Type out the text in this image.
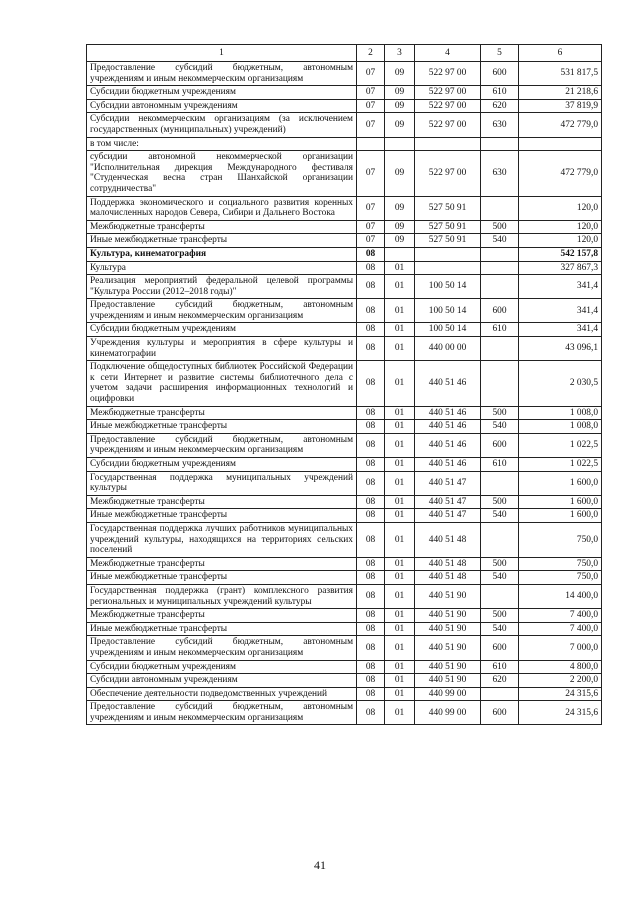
1	2	3	4	5	6
Предоставление субсидий бюджетным, автономным учреждениям и иным некоммерческим организациям	07	09	522 97 00	600	531 817,5
Субсидии бюджетным учреждениям	07	09	522 97 00	610	21 218,6
Субсидии автономным учреждениям	07	09	522 97 00	620	37 819,9
Субсидии некоммерческим организациям (за исключением государственных (муниципальных) учреждений)	07	09	522 97 00	630	472 779,0
в том числе:					
субсидии автономной некоммерческой организации "Исполнительная дирекция Международного фестиваля "Студенческая весна стран Шанхайской организации сотрудничества"	07	09	522 97 00	630	472 779,0
Поддержка экономического и социального развития коренных малочисленных народов Севера, Сибири и Дальнего Востока	07	09	527 50 91		120,0
Межбюджетные трансферты	07	09	527 50 91	500	120,0
Иные межбюджетные трансферты	07	09	527 50 91	540	120,0
Культура, кинематография	08				542 157,8
Культура	08	01			327 867,3
Реализация мероприятий федеральной целевой программы "Культура России (2012–2018 годы)"	08	01	100 50 14		341,4
Предоставление субсидий бюджетным, автономным учреждениям и иным некоммерческим организациям	08	01	100 50 14	600	341,4
Субсидии бюджетным учреждениям	08	01	100 50 14	610	341,4
Учреждения культуры и мероприятия в сфере культуры и кинематографии	08	01	440 00 00		43 096,1
Подключение общедоступных библиотек Российской Федерации к сети Интернет и развитие системы библиотечного дела с учетом задачи расширения информационных технологий и оцифровки	08	01	440 51 46		2 030,5
Межбюджетные трансферты	08	01	440 51 46	500	1 008,0
Иные межбюджетные трансферты	08	01	440 51 46	540	1 008,0
Предоставление субсидий бюджетным, автономным учреждениям и иным некоммерческим организациям	08	01	440 51 46	600	1 022,5
Субсидии бюджетным учреждениям	08	01	440 51 46	610	1 022,5
Государственная поддержка муниципальных учреждений культуры	08	01	440 51 47		1 600,0
Межбюджетные трансферты	08	01	440 51 47	500	1 600,0
Иные межбюджетные трансферты	08	01	440 51 47	540	1 600,0
Государственная поддержка лучших работников муниципальных учреждений культуры, находящихся на территориях сельских поселений	08	01	440 51 48		750,0
Межбюджетные трансферты	08	01	440 51 48	500	750,0
Иные межбюджетные трансферты	08	01	440 51 48	540	750,0
Государственная поддержка (грант) комплексного развития региональных и муниципальных учреждений культуры	08	01	440 51 90		14 400,0
Межбюджетные трансферты	08	01	440 51 90	500	7 400,0
Иные межбюджетные трансферты	08	01	440 51 90	540	7 400,0
Предоставление субсидий бюджетным, автономным учреждениям и иным некоммерческим организациям	08	01	440 51 90	600	7 000,0
Субсидии бюджетным учреждениям	08	01	440 51 90	610	4 800,0
Субсидии автономным учреждениям	08	01	440 51 90	620	2 200,0
Обеспечение деятельности подведомственных учреждений	08	01	440 99 00		24 315,6
Предоставление субсидий бюджетным, автономным учреждениям и иным некоммерческим организациям	08	01	440 99 00	600	24 315,6
41
